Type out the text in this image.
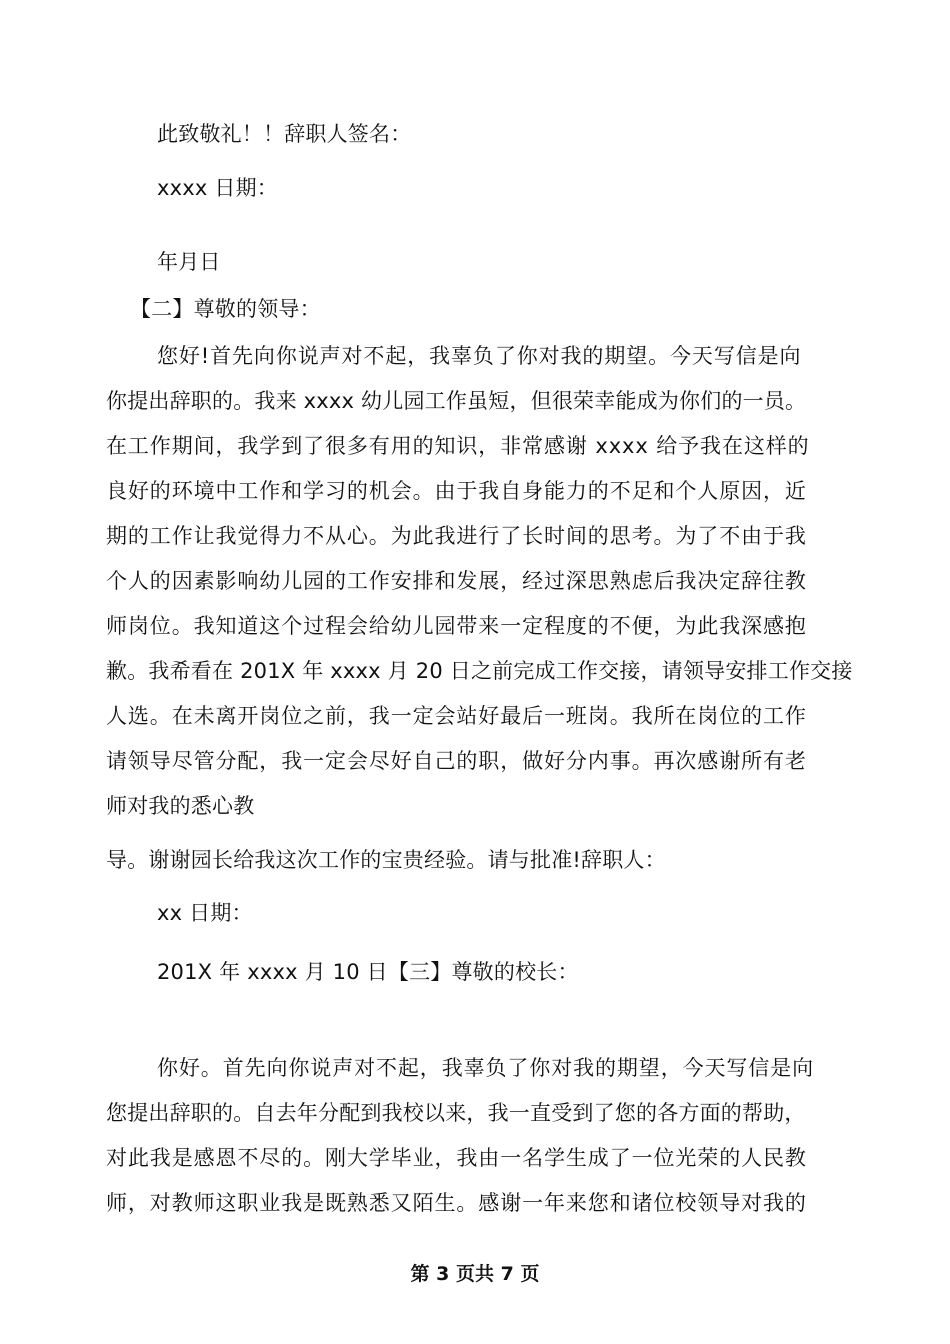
此致敬礼！！辞职人签名：
xxxx 日期：
年月日
【二】尊敬的领导：
您好!首先向你说声对不起，我辜负了你对我的期望。今天写信是向
你提出辞职的。我来 xxxx 幼儿园工作虽短，但很荣幸能成为你们的一员。
在工作期间，我学到了很多有用的知识，非常感谢 xxxx 给予我在这样的
良好的环境中工作和学习的机会。由于我自身能力的不足和个人原因，近
期的工作让我觉得力不从心。为此我进行了长时间的思考。为了不由于我
个人的因素影响幼儿园的工作安排和发展，经过深思熟虑后我决定辞往教
师岗位。我知道这个过程会给幼儿园带来一定程度的不便，为此我深感抱
歉。我希看在 201X 年 xxxx 月 20 日之前完成工作交接，请领导安排工作交接
人选。在未离开岗位之前，我一定会站好最后一班岗。我所在岗位的工作
请领导尽管分配，我一定会尽好自己的职，做好分内事。再次感谢所有老
师对我的悉心教
导。谢谢园长给我这次工作的宝贵经验。请与批准!辞职人：
xx 日期：
201X 年 xxxx 月 10 日【三】尊敬的校长：
你好。首先向你说声对不起，我辜负了你对我的期望，今天写信是向
您提出辞职的。自去年分配到我校以来，我一直受到了您的各方面的帮助，
对此我是感恩不尽的。刚大学毕业，我由一名学生成了一位光荣的人民教
师，对教师这职业我是既熟悉又陌生。感谢一年来您和诸位校领导对我的
第 3 页共 7 页
